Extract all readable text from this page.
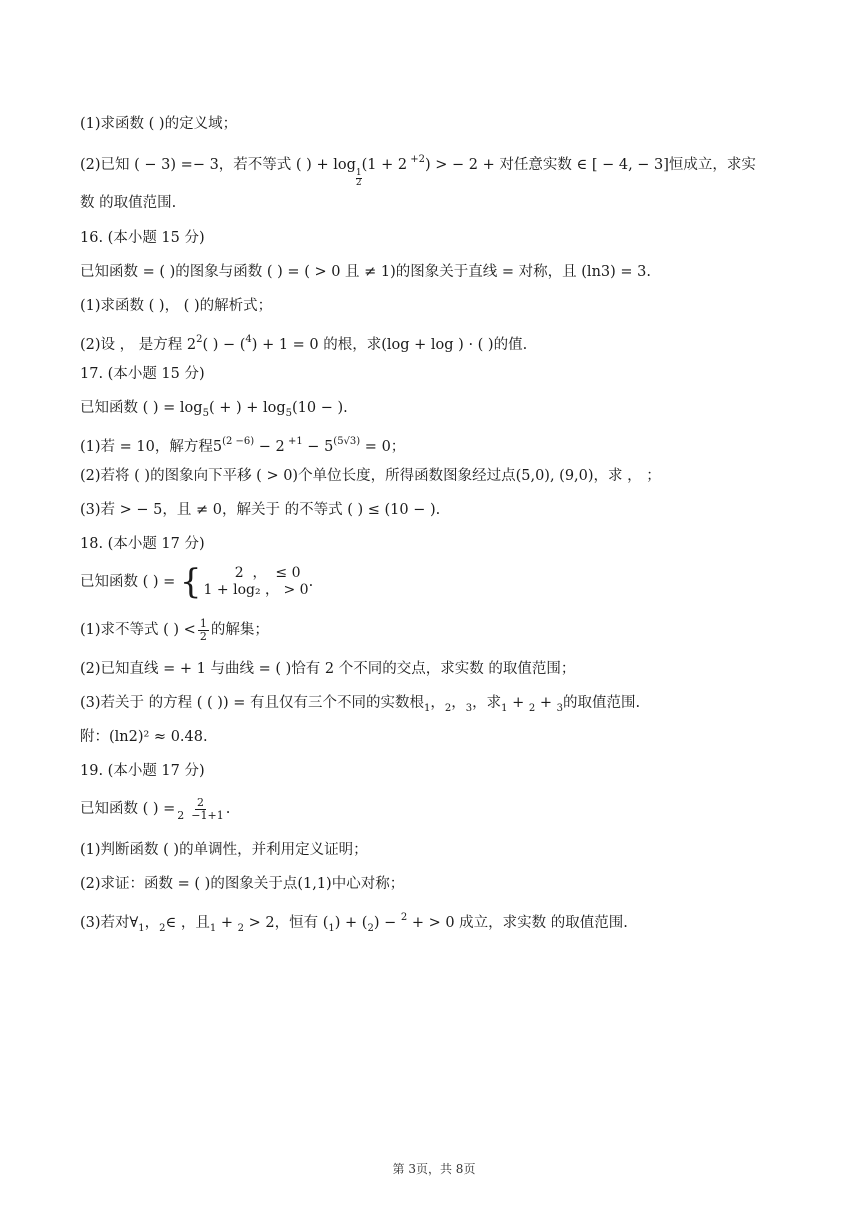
(1)求函数 ( )的定义域；
(2)已知 ( − 3) =− 3，若不等式 ( ) + log
$_{\frac{1}{2}}$
(1 + 2 $^{+2}$) > − 2 + 对任意实数 ∈ [ − 4, − 3]恒成立，求实
数 的取值范围.
16. (本小题 15 分)
已知函数 = ( )的图象与函数 ( ) = ( > 0 且 ≠ 1)的图象关于直线 = 对称，且 (ln3) = 3.
(1)求函数 ( )， ( )的解析式；
(2)设 ， 是方程 $2^2$( ) − ($^4$) + 1 = 0 的根，求(log + log ) · ( )的值.
17. (本小题 15 分)
已知函数 ( ) = $\log_5$( + ) + $\log_5(10$ − ).
(1)若 = 10，解方程$5^{(2 -6)} - 2$ $^{+1} - 5^{(5√3)} = 0$；
(2)若将 ( )的图象向下平移 ( > 0)个单位长度，所得函数图象经过点(5,0), (9,0)，求 ， ；
(3)若 > − 5，且 ≠ 0，解关于 的不等式 ( ) ≤ (10 − ).
18. (本小题 17 分)
已知函数 ( ) = { 2  ，  ≤ 0
1 + log₂ ， > 0 .
(1)求不等式 ( ) < $\frac{1}{2}$ 的解集；
(2)已知直线 = + 1 与曲线 = ( )恰有 2 个不同的交点，求实数 的取值范围；
(3)若关于 的方程 ( ( )) = 有且仅有三个不同的实数根$_1$，$_2$，$_3$，求$_1$ + $_2$ + $_3$的取值范围.
附：(ln2)² ≈ 0.48.
19. (本小题 17 分)
已知函数 ( ) = $\frac{2}{2 -1+1}$ .
(1)判断函数 ( )的单调性，并利用定义证明；
(2)求证：函数 = ( )的图象关于点(1,1)中心对称；
(3)若对$\forall_1$，$_2$∈ ，且$_1$ + $_2$ > 2，恒有 $(_1) + (_2) - ^2$ + > 0 成立，求实数 的取值范围.
第 3页，共 8页
